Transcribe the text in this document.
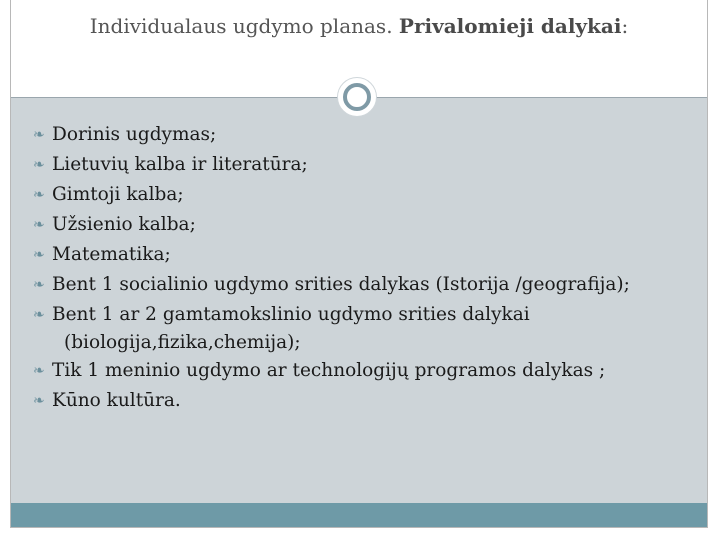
Individualaus ugdymo planas. Privalomieji dalykai:
❧ Dorinis ugdymas;
❧ Lietuvių kalba ir literatūra;
❧ Gimtoji kalba;
❧ Užsienio kalba;
❧ Matematika;
❧ Bent 1 socialinio ugdymo srities dalykas (Istorija /geografija);
❧ Bent 1 ar 2 gamtamokslinio ugdymo srities dalykai
(biologija,fizika,chemija);
❧ Tik 1 meninio ugdymo ar technologijų programos dalykas ;
❧ Kūno kultūra.
